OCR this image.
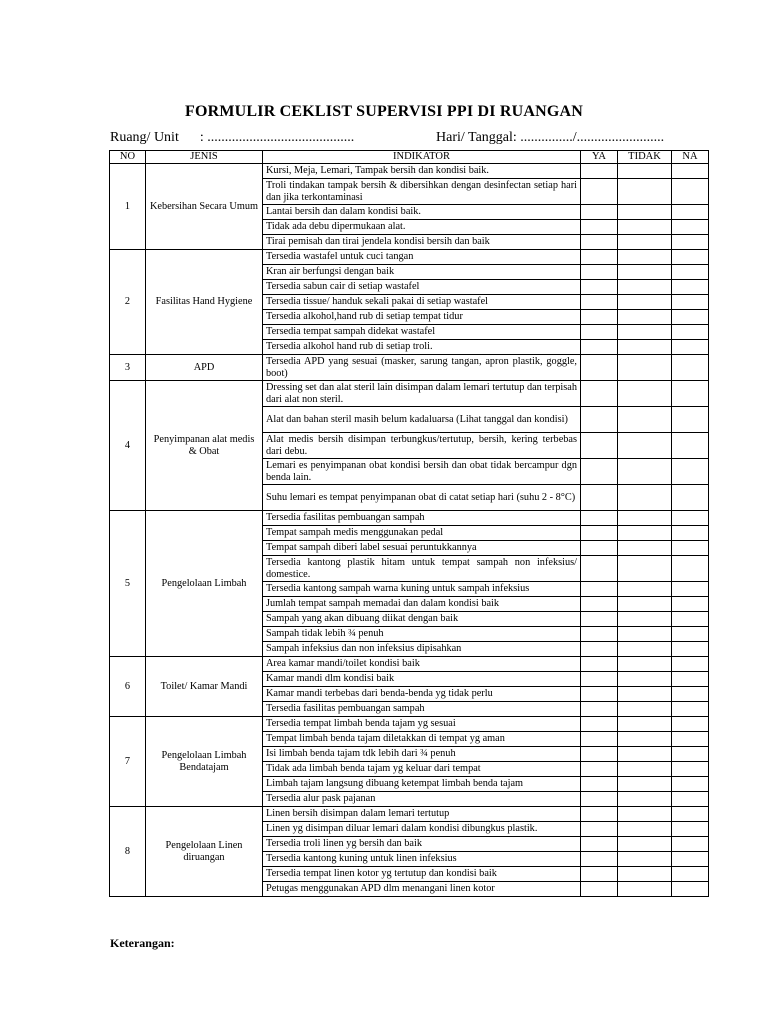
FORMULIR CEKLIST SUPERVISI PPI DI RUANGAN
Ruang/ Unit : ..........................................	Hari/ Tanggal: .............../.........................
NO	JENIS	INDIKATOR	YA	TIDAK	NA
1	Kebersihan Secara Umum	Kursi, Meja, Lemari, Tampak bersih dan kondisi baik.			
		Troli tindakan tampak bersih & dibersihkan dengan desinfectan setiap hari dan jika terkontaminasi			
		Lantai bersih dan dalam kondisi baik.			
		Tidak ada debu dipermukaan alat.			
		Tirai pemisah dan tirai jendela kondisi bersih dan baik			
2	Fasilitas Hand Hygiene	Tersedia wastafel untuk cuci tangan			
		Kran air berfungsi dengan baik			
		Tersedia sabun cair di setiap wastafel			
		Tersedia tissue/ handuk sekali pakai di setiap wastafel			
		Tersedia alkohol,hand rub di setiap tempat tidur			
		Tersedia tempat sampah didekat wastafel			
		Tersedia alkohol hand rub di setiap troli.			
3	APD	Tersedia APD yang sesuai (masker, sarung tangan, apron plastik, goggle, boot)			
4	Penyimpanan alat medis & Obat	Dressing set dan alat steril lain disimpan dalam lemari tertutup dan terpisah dari alat non steril.			
		Alat dan bahan steril masih belum kadaluarsa (Lihat tanggal dan kondisi)			
		Alat medis bersih disimpan terbungkus/tertutup, bersih, kering terbebas dari debu.			
		Lemari es penyimpanan obat kondisi bersih dan obat tidak bercampur dgn benda lain.			
		Suhu lemari es tempat penyimpanan obat di catat setiap hari (suhu 2 - 8°C)			
5	Pengelolaan Limbah	Tersedia fasilitas pembuangan sampah			
		Tempat sampah medis menggunakan pedal			
		Tempat sampah diberi label sesuai peruntukkannya			
		Tersedia kantong plastik hitam untuk tempat sampah non infeksius/ domestice.			
		Tersedia kantong sampah warna kuning untuk sampah infeksius			
		Jumlah tempat sampah memadai dan dalam kondisi baik			
		Sampah yang akan dibuang diikat dengan baik			
		Sampah tidak lebih ¾ penuh			
		Sampah infeksius dan non infeksius dipisahkan			
6	Toilet/ Kamar Mandi	Area kamar mandi/toilet kondisi baik			
		Kamar mandi dlm kondisi baik			
		Kamar mandi terbebas dari benda-benda yg tidak perlu			
		Tersedia fasilitas pembuangan sampah			
7	Pengelolaan Limbah Bendatajam	Tersedia tempat limbah benda tajam yg sesuai			
		Tempat limbah benda tajam diletakkan di tempat yg aman			
		Isi limbah benda tajam tdk lebih dari ¾ penuh			
		Tidak ada limbah benda tajam yg keluar dari tempat			
		Limbah tajam langsung dibuang ketempat limbah benda tajam			
		Tersedia alur pask pajanan			
8	Pengelolaan Linen diruangan	Linen bersih disimpan dalam lemari tertutup			
		Linen yg disimpan diluar lemari dalam kondisi dibungkus plastik.			
		Tersedia troli linen yg bersih dan baik			
		Tersedia kantong kuning untuk linen infeksius			
		Tersedia tempat linen kotor yg tertutup dan kondisi baik			
		Petugas menggunakan APD dlm menangani linen kotor			
Keterangan:
